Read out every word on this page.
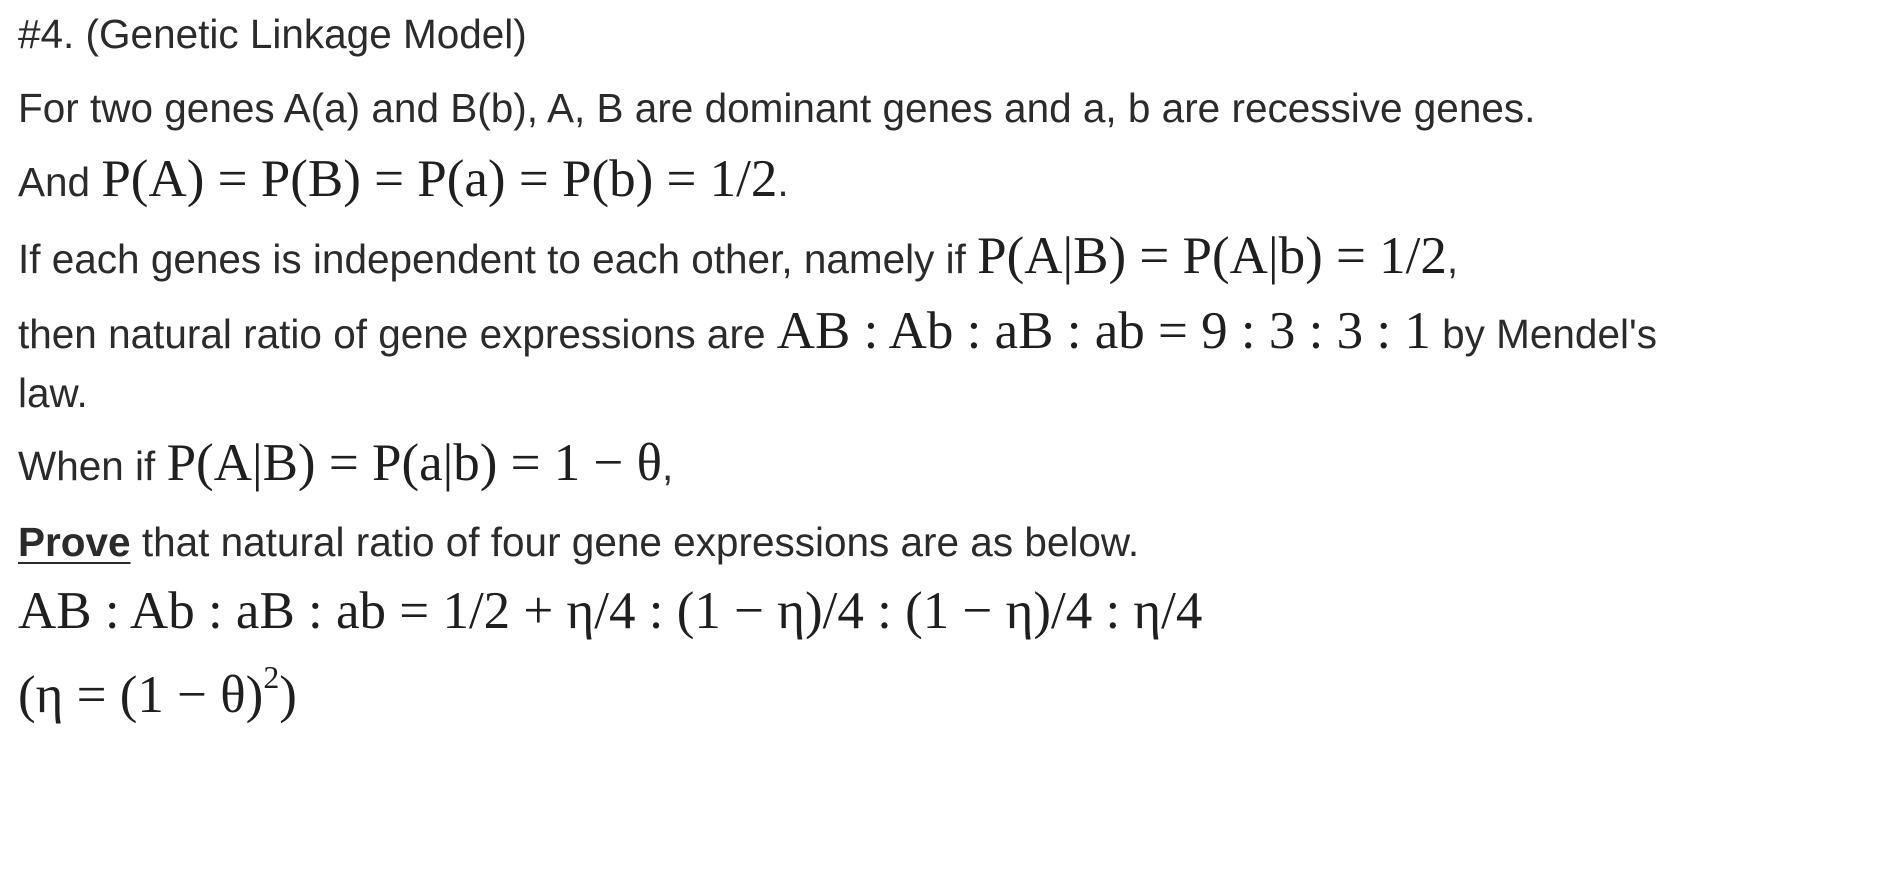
#4. (Genetic Linkage Model)
For two genes A(a) and B(b), A, B are dominant genes and a, b are recessive genes.
And P(A) = P(B) = P(a) = P(b) = 1/2.
If each genes is independent to each other, namely if P(A|B) = P(A|b) = 1/2,
then natural ratio of gene expressions are AB : Ab : aB : ab = 9 : 3 : 3 : 1 by Mendel's
law.
When if P(A|B) = P(a|b) = 1 − θ,
Prove that natural ratio of four gene expressions are as below.
AB : Ab : aB : ab = 1/2 + η/4 : (1 − η)/4 : (1 − η)/4 : η/4
$(\eta = (1 - \theta)^2)$
